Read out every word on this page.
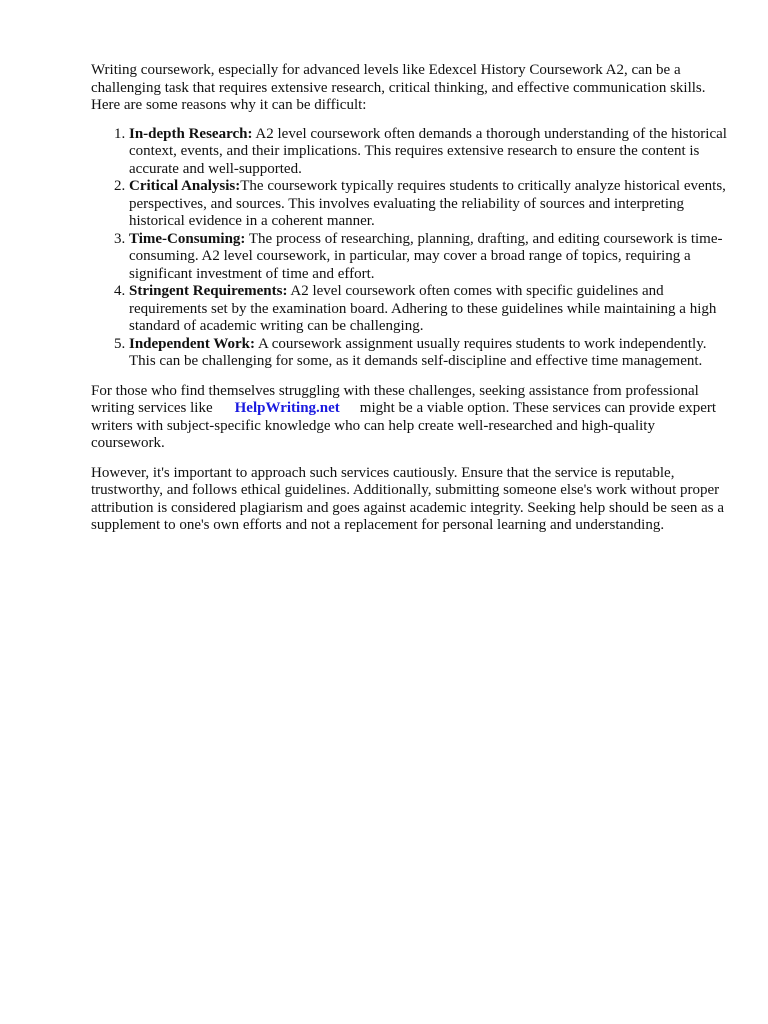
Writing coursework, especially for advanced levels like Edexcel History Coursework A2, can be a challenging task that requires extensive research, critical thinking, and effective communication skills. Here are some reasons why it can be difficult:

1. In-depth Research: A2 level coursework often demands a thorough understanding of the historical context, events, and their implications. This requires extensive research to ensure the content is accurate and well-supported.
2. Critical Analysis:The coursework typically requires students to critically analyze historical events, perspectives, and sources. This involves evaluating the reliability of sources and interpreting historical evidence in a coherent manner.
3. Time-Consuming: The process of researching, planning, drafting, and editing coursework is time-consuming. A2 level coursework, in particular, may cover a broad range of topics, requiring a significant investment of time and effort.
4. Stringent Requirements: A2 level coursework often comes with specific guidelines and requirements set by the examination board. Adhering to these guidelines while maintaining a high standard of academic writing can be challenging.
5. Independent Work: A coursework assignment usually requires students to work independently. This can be challenging for some, as it demands self-discipline and effective time management.

For those who find themselves struggling with these challenges, seeking assistance from professional writing services like HelpWriting.net might be a viable option. These services can provide expert writers with subject-specific knowledge who can help create well-researched and high-quality coursework.

However, it's important to approach such services cautiously. Ensure that the service is reputable, trustworthy, and follows ethical guidelines. Additionally, submitting someone else's work without proper attribution is considered plagiarism and goes against academic integrity. Seeking help should be seen as a supplement to one's own efforts and not a replacement for personal learning and understanding.
